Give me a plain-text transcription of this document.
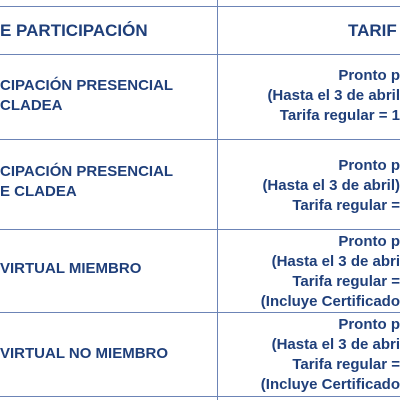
E PARTICIPACIÓN	TARIF
CIPACIÓN PRESENCIAL
CLADEA
Pronto p
(Hasta el 3 de abril
Tarifa regular = 1
CIPACIÓN PRESENCIAL
E CLADEA
Pronto p
(Hasta el 3 de abril)
Tarifa regular =
VIRTUAL MIEMBRO
Pronto p
(Hasta el 3 de abri
Tarifa regular =
(Incluye Certificado
VIRTUAL NO MIEMBRO
Pronto p
(Hasta el 3 de abri
Tarifa regular =
(Incluye Certificado
